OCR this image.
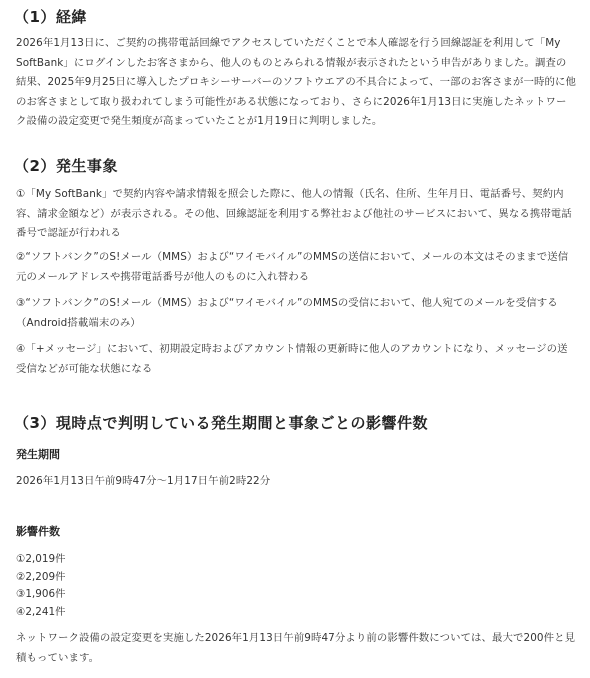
（1）経緯

2026年1月13日に、ご契約の携帯電話回線でアクセスしていただくことで本人確認を行う回線認証を利用して「My SoftBank」にログインしたお客さまから、他人のものとみられる情報が表示されたという申告がありました。調査の結果、2025年9月25日に導入したプロキシーサーバーのソフトウエアの不具合によって、一部のお客さまが一時的に他のお客さまとして取り扱われてしまう可能性がある状態になっており、さらに2026年1月13日に実施したネットワーク設備の設定変更で発生頻度が高まっていたことが1月19日に判明しました。

（2）発生事象

①「My SoftBank」で契約内容や請求情報を照会した際に、他人の情報（氏名、住所、生年月日、電話番号、契約内容、請求金額など）が表示される。その他、回線認証を利用する弊社および他社のサービスにおいて、異なる携帯電話番号で認証が行われる

②“ソフトバンク”のS!メール（MMS）および“ワイモバイル”のMMSの送信において、メールの本文はそのままで送信元のメールアドレスや携帯電話番号が他人のものに入れ替わる

③“ソフトバンク”のS!メール（MMS）および“ワイモバイル”のMMSの受信において、他人宛てのメールを受信する（Android搭載端末のみ）

④「+メッセージ」において、初期設定時およびアカウント情報の更新時に他人のアカウントになり、メッセージの送受信などが可能な状態になる

（3）現時点で判明している発生期間と事象ごとの影響件数
発生期間

2026年1月13日午前9時47分～1月17日午前2時22分

影響件数
①2,019件
②2,209件
③1,906件
④2,241件

ネットワーク設備の設定変更を実施した2026年1月13日午前9時47分より前の影響件数については、最大で200件と見積もっています。
